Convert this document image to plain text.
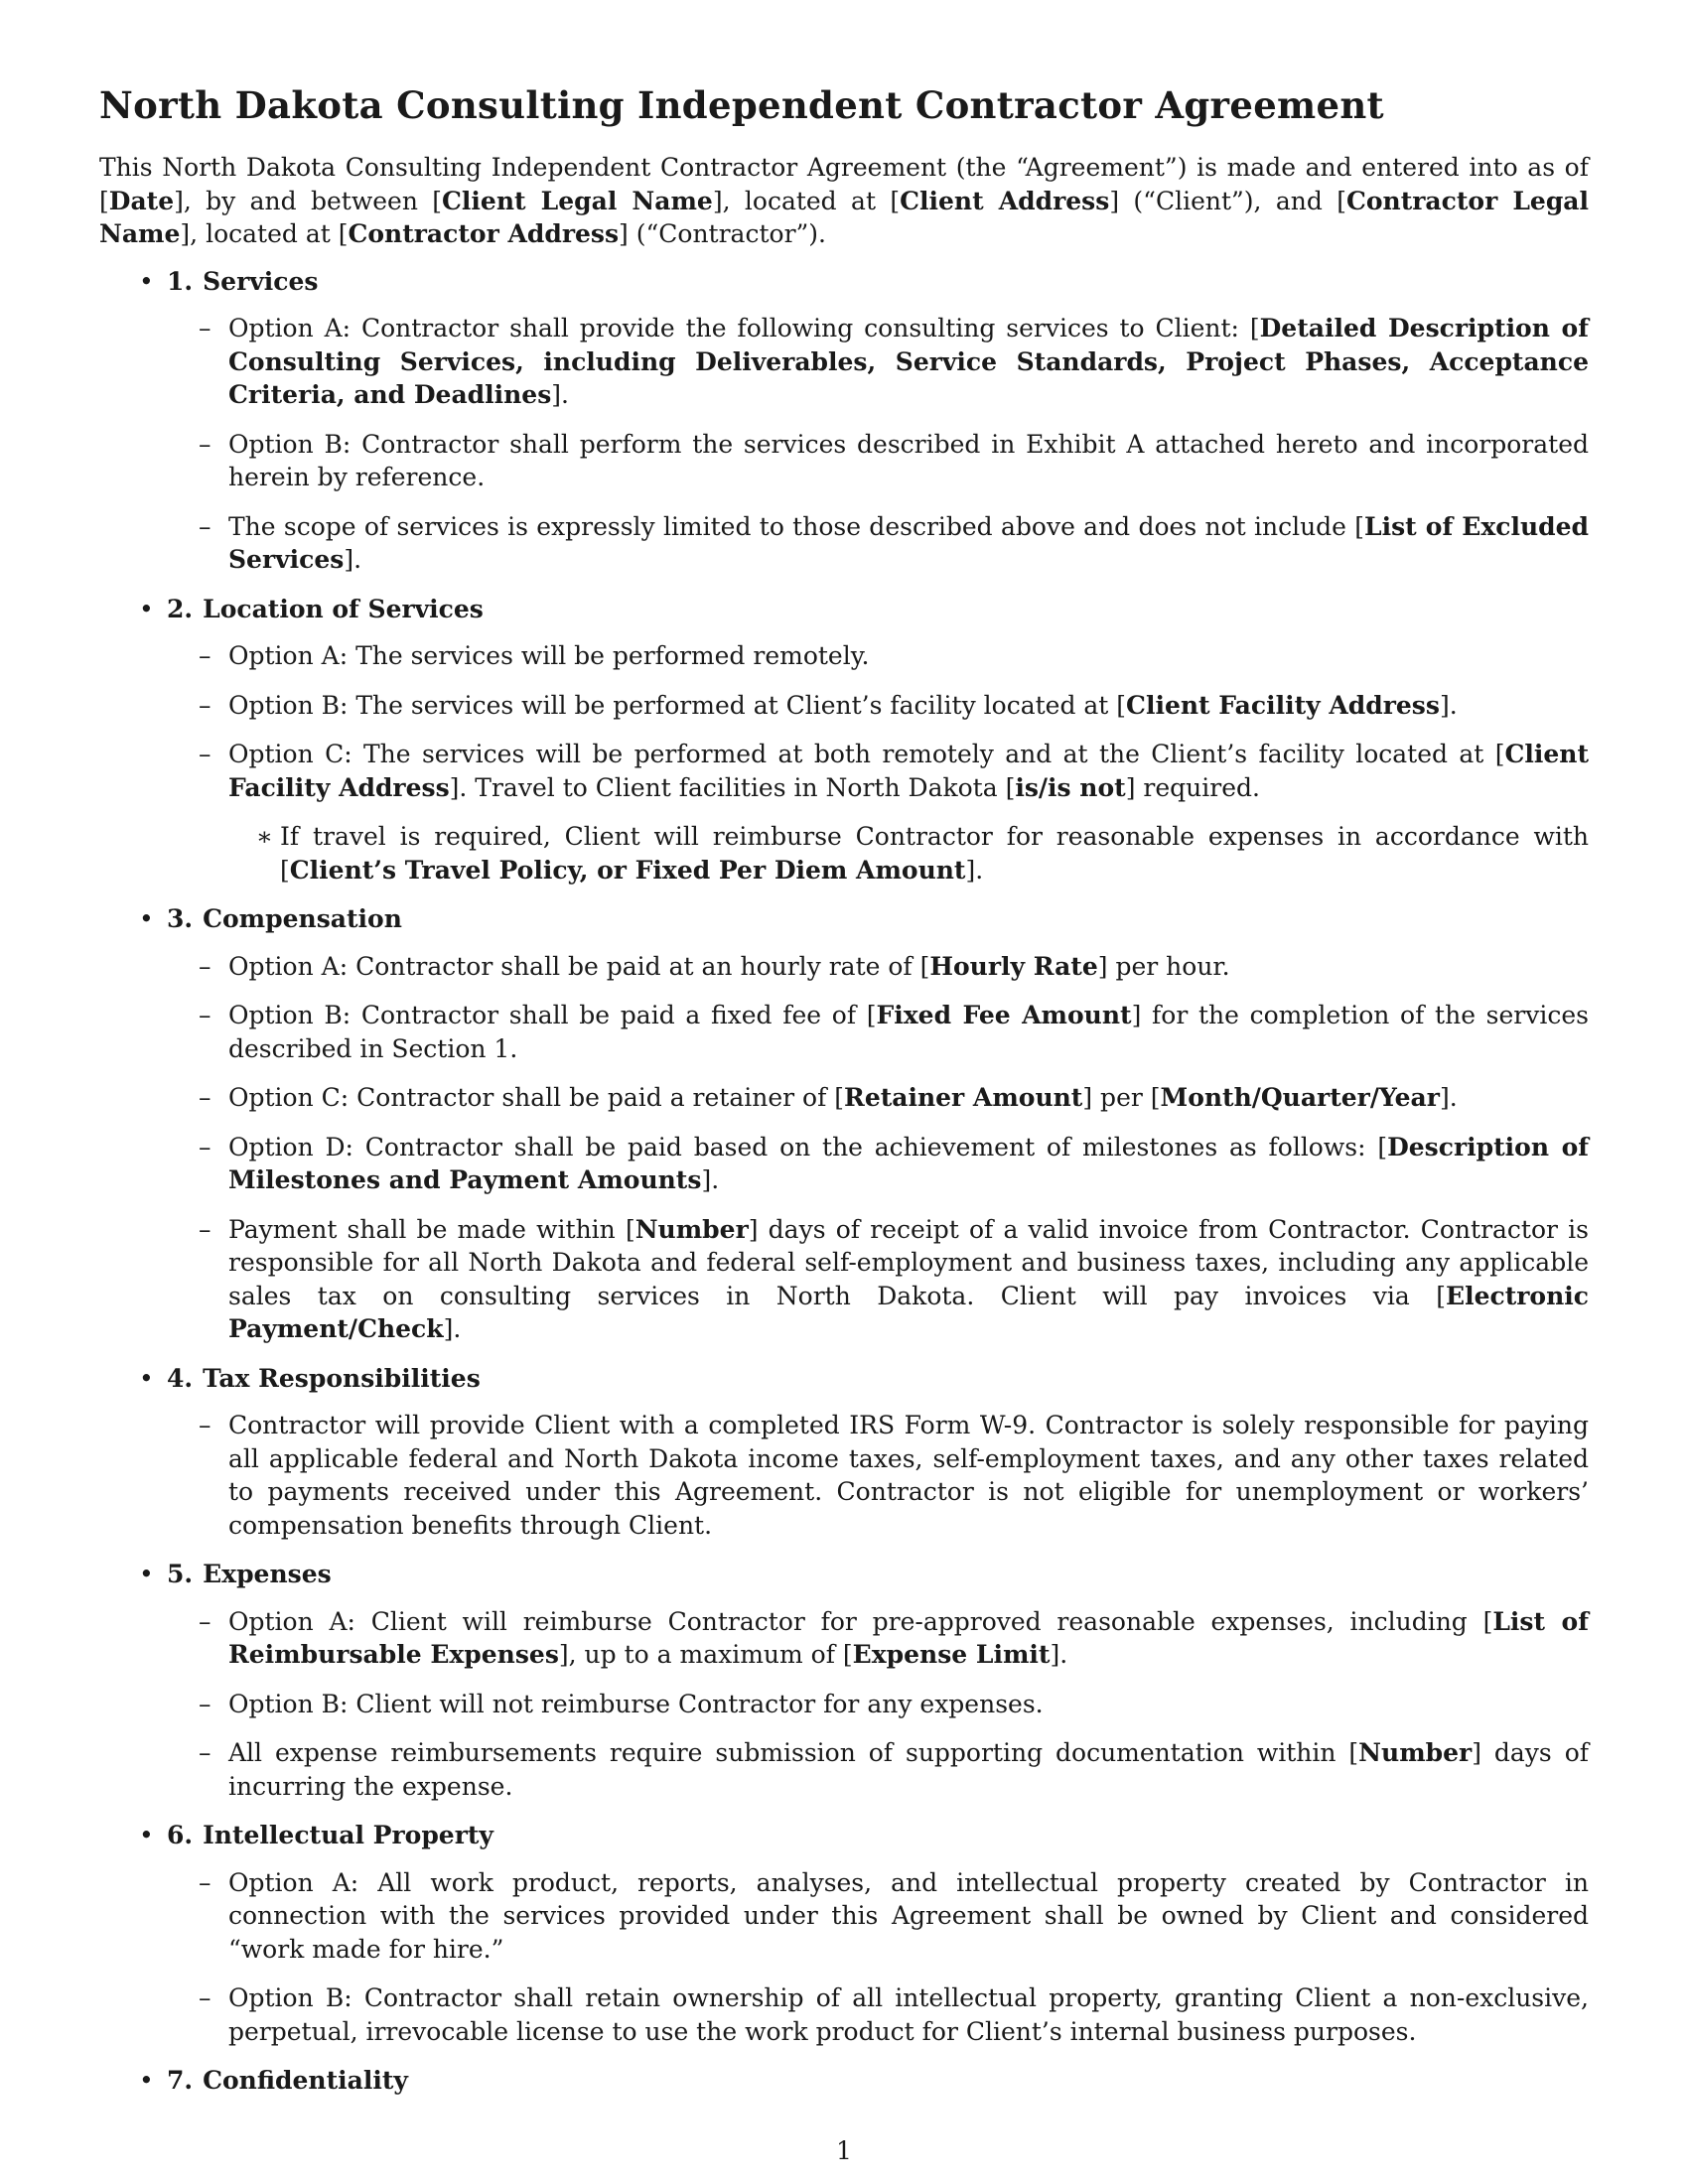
North Dakota Consulting Independent Contractor Agreement

This North Dakota Consulting Independent Contractor Agreement (the “Agreement”) is made and entered into as of [Date], by and between [Client Legal Name], located at [Client Address] (“Client”), and [Contractor Legal Name], located at [Contractor Address] (“Contractor”).

• 1. Services
– Option A: Contractor shall provide the following consulting services to Client: [Detailed Description of Consulting Services, including Deliverables, Service Standards, Project Phases, Acceptance Criteria, and Deadlines].
– Option B: Contractor shall perform the services described in Exhibit A attached hereto and incorporated herein by reference.
– The scope of services is expressly limited to those described above and does not include [List of Excluded Services].
• 2. Location of Services
– Option A: The services will be performed remotely.
– Option B: The services will be performed at Client’s facility located at [Client Facility Address].
– Option C: The services will be performed at both remotely and at the Client’s facility located at [Client Facility Address]. Travel to Client facilities in North Dakota [is/is not] required.
∗ If travel is required, Client will reimburse Contractor for reasonable expenses in accordance with [Client’s Travel Policy, or Fixed Per Diem Amount].
• 3. Compensation
– Option A: Contractor shall be paid at an hourly rate of [Hourly Rate] per hour.
– Option B: Contractor shall be paid a fixed fee of [Fixed Fee Amount] for the completion of the services described in Section 1.
– Option C: Contractor shall be paid a retainer of [Retainer Amount] per [Month/Quarter/Year].
– Option D: Contractor shall be paid based on the achievement of milestones as follows: [Description of Milestones and Payment Amounts].
– Payment shall be made within [Number] days of receipt of a valid invoice from Contractor. Contractor is responsible for all North Dakota and federal self-employment and business taxes, including any applicable sales tax on consulting services in North Dakota. Client will pay invoices via [Electronic Payment/Check].
• 4. Tax Responsibilities
– Contractor will provide Client with a completed IRS Form W-9. Contractor is solely responsible for paying all applicable federal and North Dakota income taxes, self-employment taxes, and any other taxes related to payments received under this Agreement. Contractor is not eligible for unemployment or workers’ compensation benefits through Client.
• 5. Expenses
– Option A: Client will reimburse Contractor for pre-approved reasonable expenses, including [List of Reimbursable Expenses], up to a maximum of [Expense Limit].
– Option B: Client will not reimburse Contractor for any expenses.
– All expense reimbursements require submission of supporting documentation within [Number] days of incurring the expense.
• 6. Intellectual Property
– Option A: All work product, reports, analyses, and intellectual property created by Contractor in connection with the services provided under this Agreement shall be owned by Client and considered “work made for hire.”
– Option B: Contractor shall retain ownership of all intellectual property, granting Client a non-exclusive, perpetual, irrevocable license to use the work product for Client’s internal business purposes.
• 7. Confidentiality
1
